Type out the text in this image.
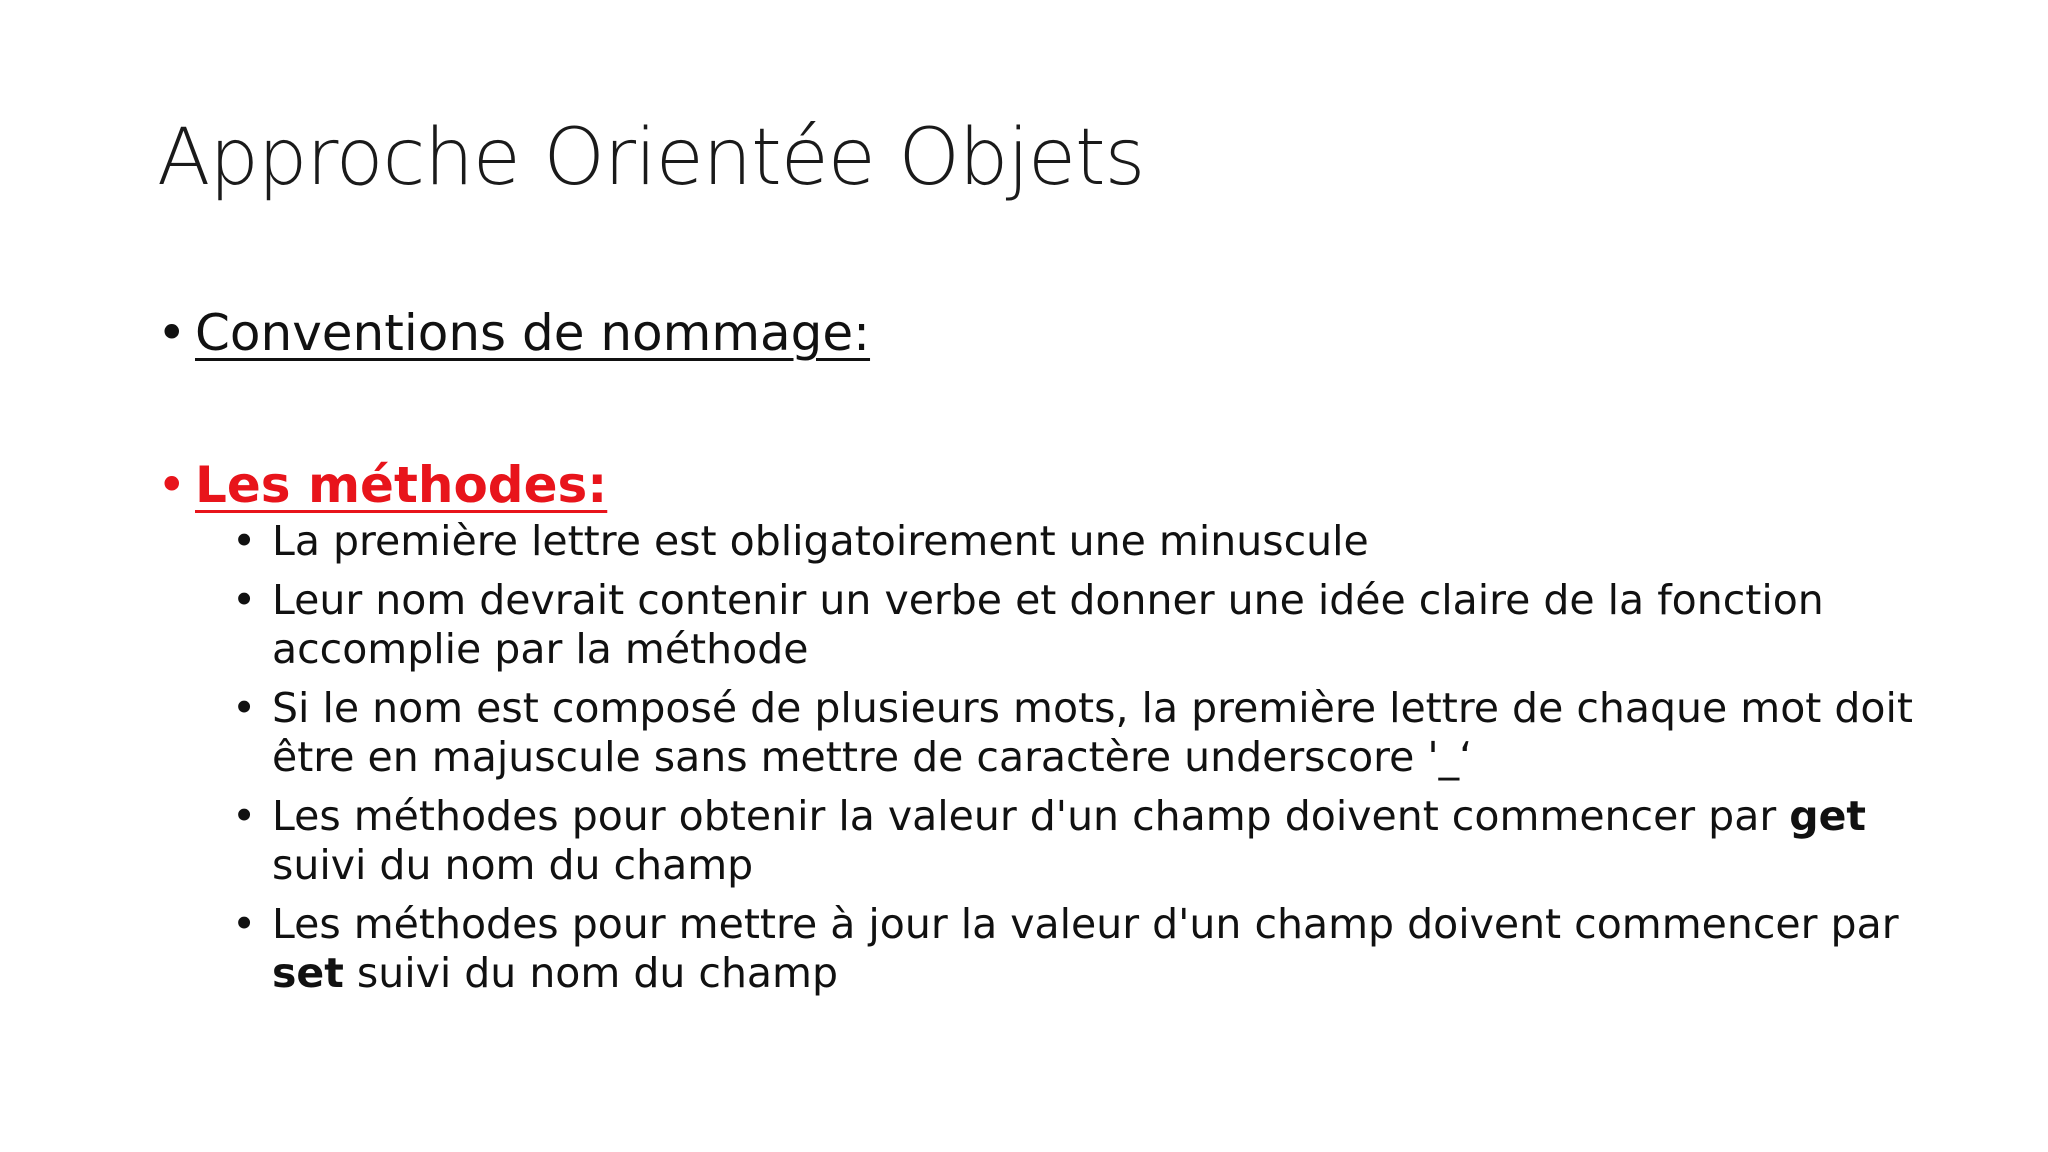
Approche Orientée Objets
• Conventions de nommage:
• Les méthodes:
• La première lettre est obligatoirement une minuscule
• Leur nom devrait contenir un verbe et donner une idée claire de la fonction accomplie par la méthode
• Si le nom est composé de plusieurs mots, la première lettre de chaque mot doit être en majuscule sans mettre de caractère underscore '_‘
• Les méthodes pour obtenir la valeur d'un champ doivent commencer par get suivi du nom du champ
• Les méthodes pour mettre à jour la valeur d'un champ doivent commencer par set suivi du nom du champ
